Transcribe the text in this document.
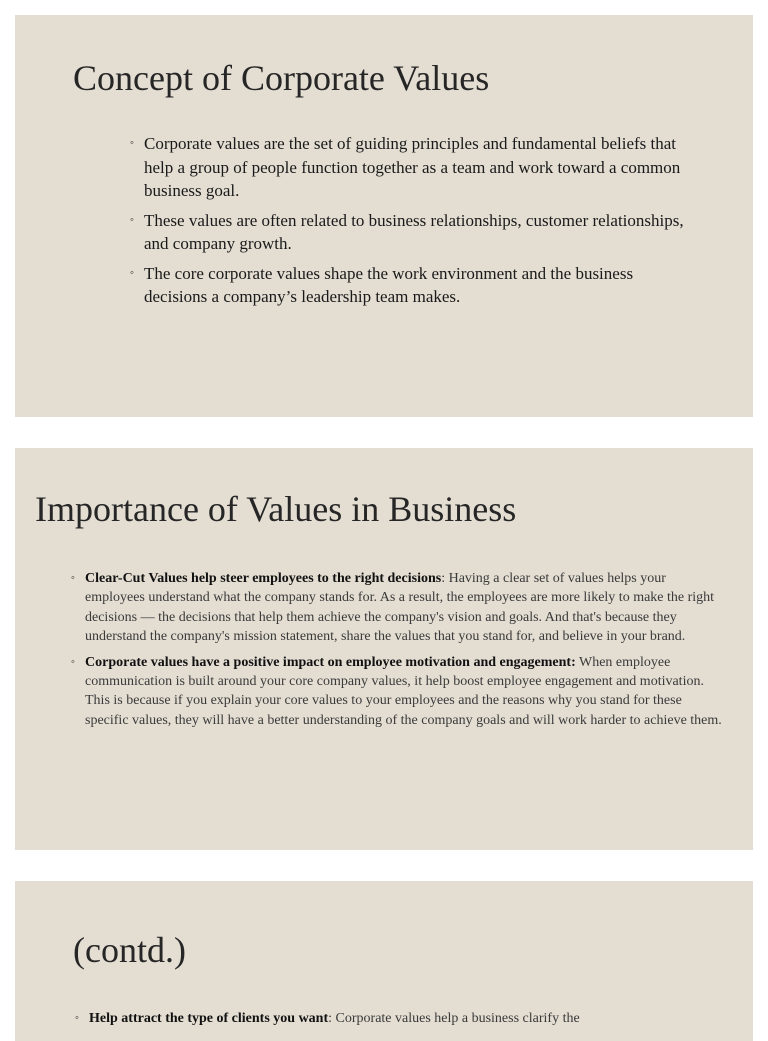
Concept of Corporate Values
◦ Corporate values are the set of guiding principles and fundamental beliefs that help a group of people function together as a team and work toward a common business goal.
◦ These values are often related to business relationships, customer relationships, and company growth.
◦ The core corporate values shape the work environment and the business decisions a company’s leadership team makes.
Importance of Values in Business
◦ Clear-Cut Values help steer employees to the right decisions: Having a clear set of values helps your employees understand what the company stands for. As a result, the employees are more likely to make the right decisions — the decisions that help them achieve the company's vision and goals. And that's because they understand the company's mission statement, share the values that you stand for, and believe in your brand.
◦ Corporate values have a positive impact on employee motivation and engagement: When employee communication is built around your core company values, it help boost employee engagement and motivation. This is because if you explain your core values to your employees and the reasons why you stand for these specific values, they will have a better understanding of the company goals and will work harder to achieve them.
(contd.)
◦ Help attract the type of clients you want: Corporate values help a business clarify the
